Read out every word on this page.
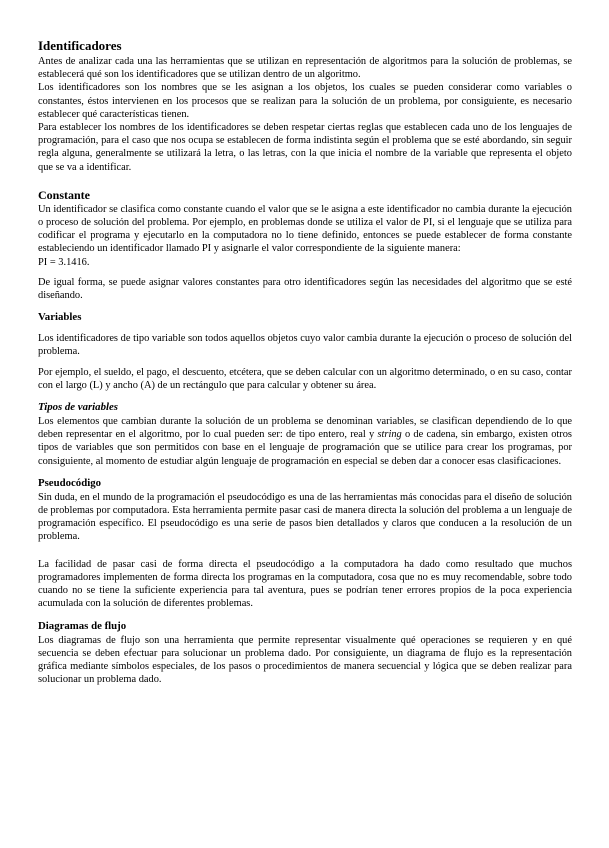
Identificadores

Antes de analizar cada una las herramientas que se utilizan en representación de algoritmos para la solución de problemas, se establecerá qué son los identificadores que se utilizan dentro de un algoritmo.

Los identificadores son los nombres que se les asignan a los objetos, los cuales se pueden considerar como variables o constantes, éstos intervienen en los procesos que se realizan para la solución de un problema, por consiguiente, es necesario establecer qué características tienen.

Para establecer los nombres de los identificadores se deben respetar ciertas reglas que establecen cada uno de los lenguajes de programación, para el caso que nos ocupa se establecen de forma indistinta según el problema que se esté abordando, sin seguir regla alguna, generalmente se utilizará la letra, o las letras, con la que inicia el nombre de la variable que representa el objeto que se va a identificar.

Constante

Un identificador se clasifica como constante cuando el valor que se le asigna a este identificador no cambia durante la ejecución o proceso de solución del problema. Por ejemplo, en problemas donde se utiliza el valor de PI, si el lenguaje que se utiliza para codificar el programa y ejecutarlo en la computadora no lo tiene definido, entonces se puede establecer de forma constante estableciendo un identificador llamado PI y asignarle el valor correspondiente de la siguiente manera:

PI = 3.1416.

De igual forma, se puede asignar valores constantes para otro identificadores según las necesidades del algoritmo que se esté diseñando.

Variables

Los identificadores de tipo variable son todos aquellos objetos cuyo valor cambia durante la ejecución o proceso de solución del problema.

Por ejemplo, el sueldo, el pago, el descuento, etcétera, que se deben calcular con un algoritmo determinado, o en su caso, contar con el largo (L) y ancho (A) de un rectángulo que para calcular y obtener su área.

Tipos de variables

Los elementos que cambian durante la solución de un problema se denominan variables, se clasifican dependiendo de lo que deben representar en el algoritmo, por lo cual pueden ser: de tipo entero, real y string o de cadena, sin embargo, existen otros tipos de variables que son permitidos con base en el lenguaje de programación que se utilice para crear los programas, por consiguiente, al momento de estudiar algún lenguaje de programación en especial se deben dar a conocer esas clasificaciones.

Pseudocódigo

Sin duda, en el mundo de la programación el pseudocódigo es una de las herramientas más conocidas para el diseño de solución de problemas por computadora. Esta herramienta permite pasar casi de manera directa la solución del problema a un lenguaje de programación específico. El pseudocódigo es una serie de pasos bien detallados y claros que conducen a la resolución de un problema.

La facilidad de pasar casi de forma directa el pseudocódigo a la computadora ha dado como resultado que muchos programadores implementen de forma directa los programas en la computadora, cosa que no es muy recomendable, sobre todo cuando no se tiene la suficiente experiencia para tal aventura, pues se podrían tener errores propios de la poca experiencia acumulada con la solución de diferentes problemas.

Diagramas de flujo

Los diagramas de flujo son una herramienta que permite representar visualmente qué operaciones se requieren y en qué secuencia se deben efectuar para solucionar un problema dado. Por consiguiente, un diagrama de flujo es la representación gráfica mediante símbolos especiales, de los pasos o procedimientos de manera secuencial y lógica que se deben realizar para solucionar un problema dado.
